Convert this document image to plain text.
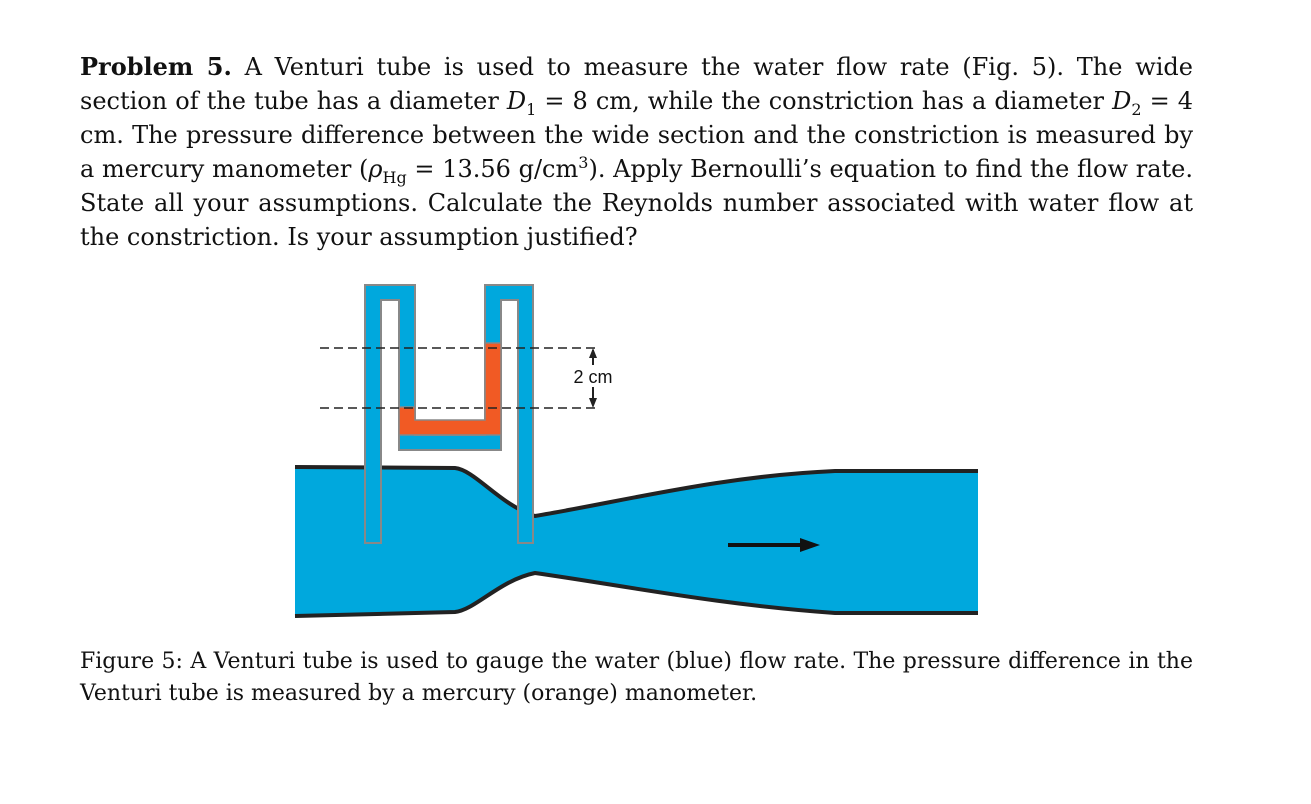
Problem 5. A Venturi tube is used to measure the water flow rate (Fig. 5). The wide section of the tube has a diameter $D_1 = 8$ cm, while the constriction has a diameter $D_2 = 4$ cm. The pressure difference between the wide section and the constriction is measured by a mercury manometer ($\rho_{Hg} = 13.56$ $g/cm^3$). Apply Bernoulli’s equation to find the flow rate. State all your assumptions. Calculate the Reynolds number associated with water flow at the constriction. Is your assumption justified?

2 cm

Figure 5: A Venturi tube is used to gauge the water (blue) flow rate. The pressure difference in the Venturi tube is measured by a mercury (orange) manometer.
